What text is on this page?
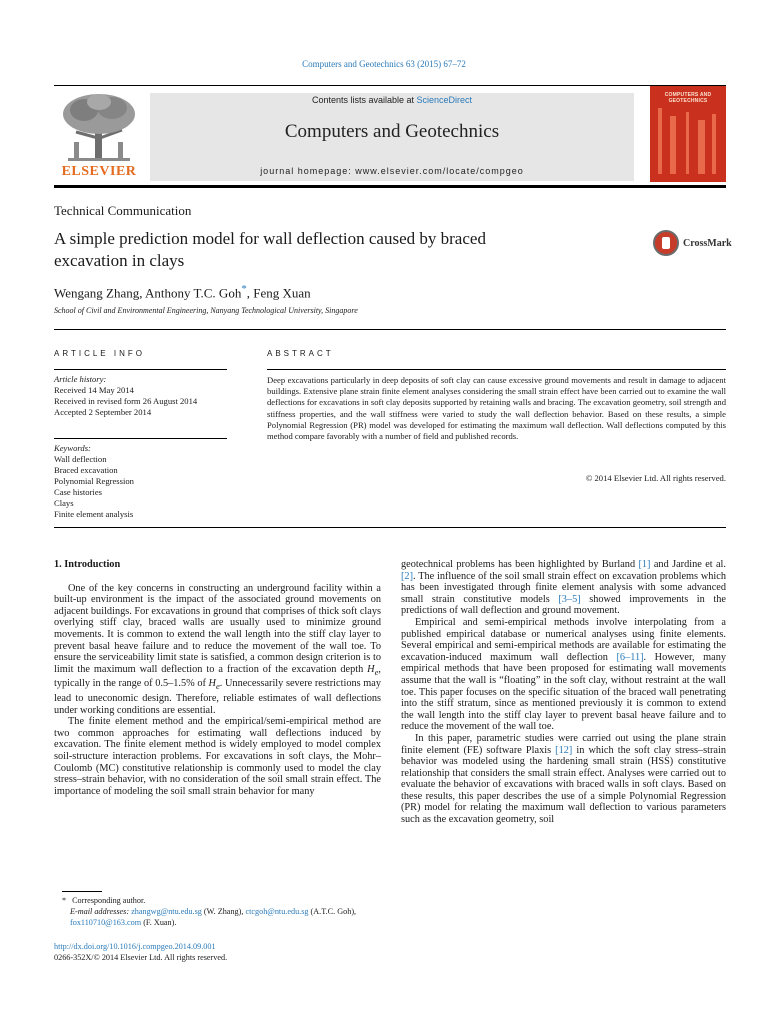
Computers and Geotechnics 63 (2015) 67–72
ELSEVIER
Contents lists available at ScienceDirect
Computers and Geotechnics
journal homepage: www.elsevier.com/locate/compgeo
COMPUTERS AND GEOTECHNICS
Technical Communication
A simple prediction model for wall deflection caused by braced
excavation in clays
CrossMark
Wengang Zhang, Anthony T.C. Goh*, Feng Xuan
School of Civil and Environmental Engineering, Nanyang Technological University, Singapore
ARTICLE INFO
Article history:
Received 14 May 2014
Received in revised form 26 August 2014
Accepted 2 September 2014
Keywords:
Wall deflection
Braced excavation
Polynomial Regression
Case histories
Clays
Finite element analysis
ABSTRACT
Deep excavations particularly in deep deposits of soft clay can cause excessive ground movements and result in damage to adjacent buildings. Extensive plane strain finite element analyses considering the small strain effect have been carried out to examine the wall deflections for excavations in soft clay deposits supported by retaining walls and bracing. The excavation geometry, soil strength and stiffness properties, and the wall stiffness were varied to study the wall deflection behavior. Based on these results, a simple Polynomial Regression (PR) model was developed for estimating the maximum wall deflection. Wall deflections computed by this method compare favorably with a number of field and published records.
© 2014 Elsevier Ltd. All rights reserved.
1. Introduction

One of the key concerns in constructing an underground facility within a built-up environment is the impact of the associated ground movements on adjacent buildings. For excavations in ground that comprises of thick soft clays overlying stiff clay, braced walls are usually used to minimize ground movements. It is common to extend the wall length into the stiff clay layer to prevent basal heave failure and to reduce the movement of the wall toe. To ensure the serviceability limit state is satisfied, a common design criterion is to limit the maximum wall deflection to a fraction of the excavation depth $H_e$, typically in the range of 0.5–1.5% of $H_e$. Unnecessarily severe restrictions may lead to uneconomic design. Therefore, reliable estimates of wall deflections under working conditions are essential.

The finite element method and the empirical/semi-empirical method are two common approaches for estimating wall deflections induced by excavation. The finite element method is widely employed to model complex soil-structure interaction problems. For excavations in soft clays, the Mohr–Coulomb (MC) constitutive relationship is commonly used to model the clay stress–strain behavior, with no consideration of the soil small strain effect. The importance of modeling the soil small strain behavior for many

geotechnical problems has been highlighted by Burland [1] and Jardine et al. [2]. The influence of the soil small strain effect on excavation problems which has been investigated through finite element analysis with some advanced small strain constitutive models [3–5] showed improvements in the predictions of wall deflection and ground movement.

Empirical and semi-empirical methods involve interpolating from a published empirical database or numerical analyses using finite elements. Several empirical and semi-empirical methods are available for estimating the excavation-induced maximum wall deflection [6–11]. However, many empirical methods that have been proposed for estimating wall movements assume that the wall is “floating” in the soft clay, without restraint at the wall toe. This paper focuses on the specific situation of the braced wall penetrating into the stiff stratum, since as mentioned previously it is common to extend the wall length into the stiff clay layer to prevent basal heave failure and to reduce the movement of the wall toe.

In this paper, parametric studies were carried out using the plane strain finite element (FE) software Plaxis [12] in which the soft clay stress–strain behavior was modeled using the hardening small strain (HSS) constitutive relationship that considers the small strain effect. Analyses were carried out to evaluate the behavior of excavations with braced walls in soft clays. Based on these results, this paper describes the use of a simple Polynomial Regression (PR) model for relating the maximum wall deflection to various parameters such as the excavation geometry, soil

* Corresponding author.
E-mail addresses: zhangwg@ntu.edu.sg (W. Zhang), ctcgoh@ntu.edu.sg (A.T.C. Goh), fox110710@163.com (F. Xuan).
http://dx.doi.org/10.1016/j.compgeo.2014.09.001
0266-352X/© 2014 Elsevier Ltd. All rights reserved.
